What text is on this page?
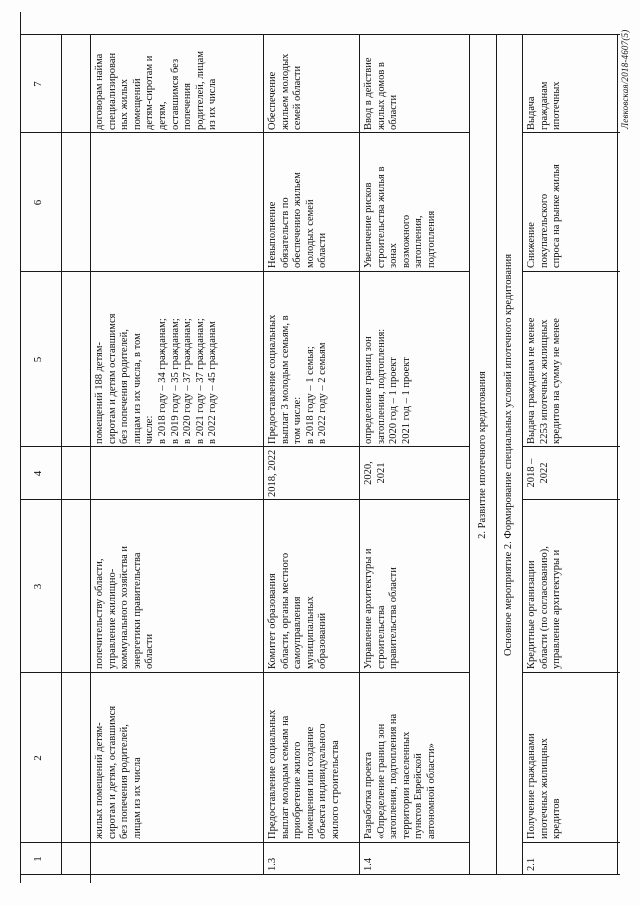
1
2
3
4
5
6
7
жилых помещений детям-
сиротам и детям, оставшимся
без попечения родителей,
лицам из их числа
попечительству области,
управление жилищно-
коммунального хозяйства и
энергетики правительства
области
помещений 188 детям-
сиротам и детям оставшимся
без попечения родителей,
лицам из их числа, в том
числе:
в 2018 году – 34 гражданам;
в 2019 году – 35 гражданам;
в 2020 году – 37 гражданам;
в 2021 году – 37 гражданам;
в 2022 году – 45 гражданам
договорам найма
специализирован
ных жилых
помещений
детям-сиротам и
детям,
оставшимся без
попечения
родителей, лицам
из их числа
1.3
Предоставление социальных
выплат молодым семьям на
приобретение жилого
помещения или создание
объекта индивидуального
жилого строительства
Комитет образования
области, органы местного
самоуправления
муниципальных
образований
2018, 2022
Предоставление социальных
выплат 3 молодым семьям, в
том числе:
в 2018 году – 1 семья;
в 2022 году – 2 семьям
Невыполнение
обязательств по
обеспечению жильем
молодых семей
области
Обеспечение
жильем молодых
семей области
1.4
Разработка проекта
«Определение границ зон
затопления, подтопления на
территории населенных
пунктов Еврейской
автономной области»
Управление архитектуры и
строительства
правительства области
2020,
2021
определение границ зон
затопления, подтопления:
2020 год – 1 проект
2021 год – 1 проект
Увеличение рисков
строительства жилья в
зонах
возможного
затопления,
подтопления
Ввод в действие
жилых домов в
области
2. Развитие ипотечного кредитования Основное мероприятие 2. Формирование специальных условий ипотечного кредитования
2.1
Получение гражданами
ипотечных жилищных
кредитов
Кредитные организации
области (по согласованию),
управление архитектуры и
2018 –
2022
Выдача гражданам не менее
2253 ипотечных жилищных
кредитов на сумму не менее
Снижение
покупательского
спроса на рынке жилья
Выдача
гражданам
ипотечных	Левковская/2018-4607(5)
